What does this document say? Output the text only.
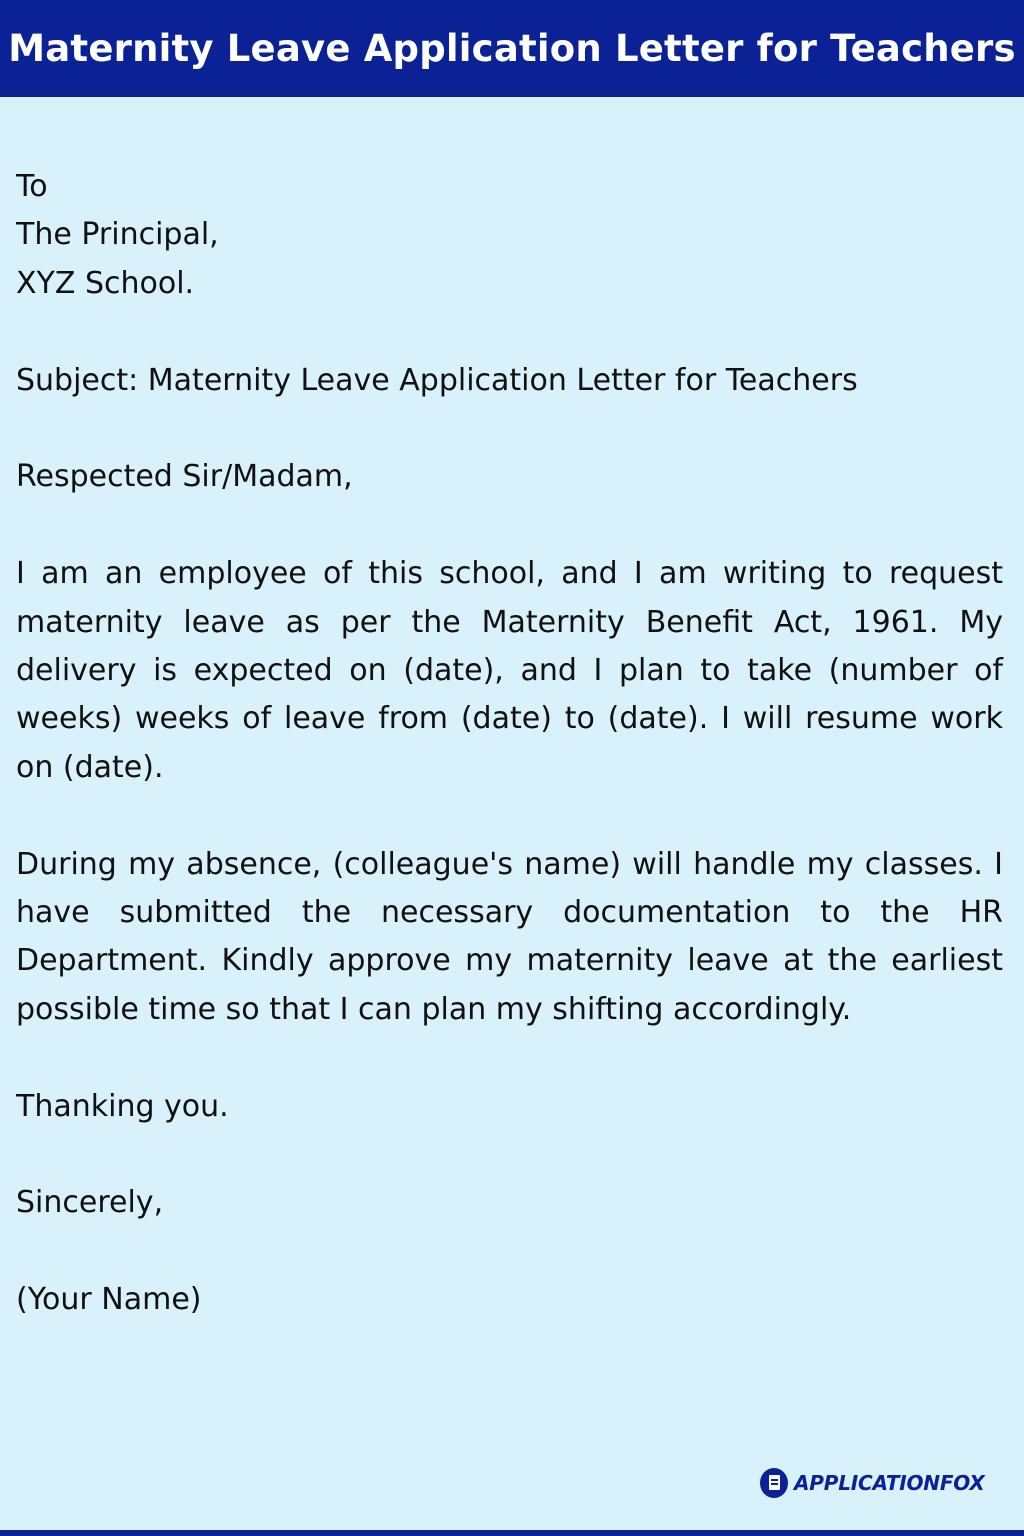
Maternity Leave Application Letter for Teachers

To
The Principal,
XYZ School.

Subject: Maternity Leave Application Letter for Teachers

Respected Sir/Madam,

I am an employee of this school, and I am writing to request maternity leave as per the Maternity Benefit Act, 1961. My delivery is expected on (date), and I plan to take (number of weeks) weeks of leave from (date) to (date). I will resume work on (date).

During my absence, (colleague's name) will handle my classes. I have submitted the necessary documentation to the HR Department. Kindly approve my maternity leave at the earliest possible time so that I can plan my shifting accordingly.

Thanking you.

Sincerely,

(Your Name)

APPLICATIONFOX
